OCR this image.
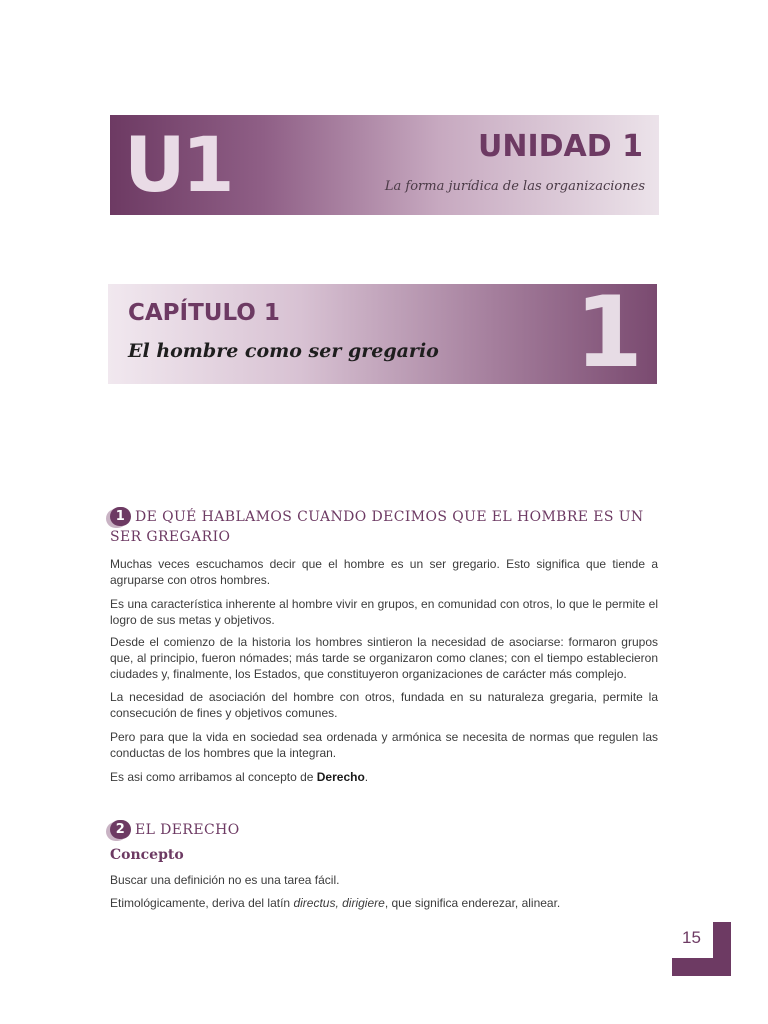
U1	UNIDAD 1
La forma jurídica de las organizaciones
CAPÍTULO 1
El hombre como ser gregario 1
1 DE QUÉ HABLAMOS CUANDO DECIMOS QUE EL HOMBRE ES UN SER GREGARIO

Muchas veces escuchamos decir que el hombre es un ser gregario. Esto significa que tiende a agruparse con otros hombres.

Es una característica inherente al hombre vivir en grupos, en comunidad con otros, lo que le permite el logro de sus metas y objetivos.

Desde el comienzo de la historia los hombres sintieron la necesidad de asociarse: formaron grupos que, al principio, fueron nómades; más tarde se organizaron como clanes; con el tiempo establecieron ciudades y, finalmente, los Estados, que constituyeron organizaciones de carácter más complejo.

La necesidad de asociación del hombre con otros, fundada en su naturaleza gregaria, permite la consecución de fines y objetivos comunes.

Pero para que la vida en sociedad sea ordenada y armónica se necesita de normas que regulen las conductas de los hombres que la integran.

Es asi como arribamos al concepto de Derecho.

2 EL DERECHO
Concepto

Buscar una definición no es una tarea fácil.

Etimológicamente, deriva del latín directus, dirigiere, que significa enderezar, alinear.

15
